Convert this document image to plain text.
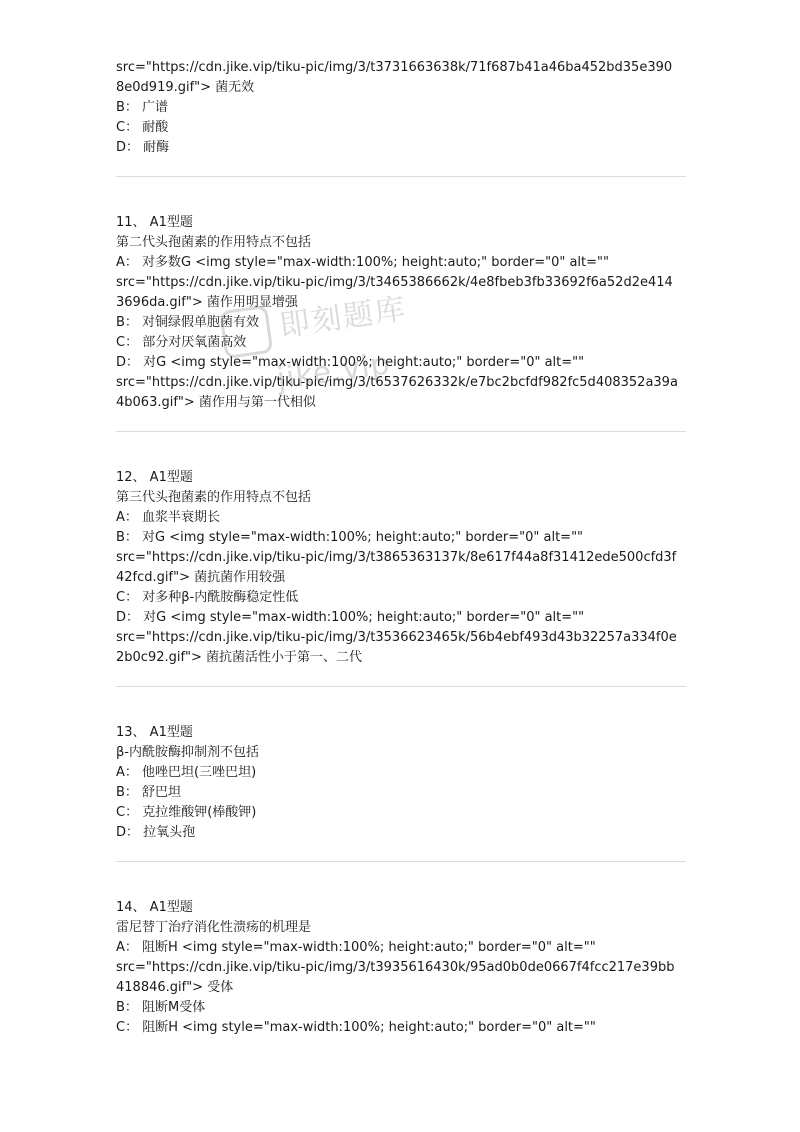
src="https://cdn.jike.vip/tiku-pic/img/3/t3731663638k/71f687b41a46ba452bd35e390
8e0d919.gif"> 菌无效
B： 广谱
C： 耐酸
D： 耐酶
11、 A1型题
第二代头孢菌素的作用特点不包括
A： 对多数G <img style="max-width:100%; height:auto;" border="0" alt=""
src="https://cdn.jike.vip/tiku-pic/img/3/t3465386662k/4e8fbeb3fb33692f6a52d2e414
3696da.gif"> 菌作用明显增强
B： 对铜绿假单胞菌有效
C： 部分对厌氧菌高效
D： 对G <img style="max-width:100%; height:auto;" border="0" alt=""
src="https://cdn.jike.vip/tiku-pic/img/3/t6537626332k/e7bc2bcfdf982fc5d408352a39a
4b063.gif"> 菌作用与第一代相似
12、 A1型题
第三代头孢菌素的作用特点不包括
A： 血浆半衰期长
B： 对G <img style="max-width:100%; height:auto;" border="0" alt=""
src="https://cdn.jike.vip/tiku-pic/img/3/t3865363137k/8e617f44a8f31412ede500cfd3f
42fcd.gif"> 菌抗菌作用较强
C： 对多种β-内酰胺酶稳定性低
D： 对G <img style="max-width:100%; height:auto;" border="0" alt=""
src="https://cdn.jike.vip/tiku-pic/img/3/t3536623465k/56b4ebf493d43b32257a334f0e
2b0c92.gif"> 菌抗菌活性小于第一、二代
13、 A1型题
β-内酰胺酶抑制剂不包括
A： 他唑巴坦(三唑巴坦)
B： 舒巴坦
C： 克拉维酸钾(棒酸钾)
D： 拉氧头孢
14、 A1型题
雷尼替丁治疗消化性溃疡的机理是
A： 阻断H <img style="max-width:100%; height:auto;" border="0" alt=""
src="https://cdn.jike.vip/tiku-pic/img/3/t3935616430k/95ad0b0de0667f4fcc217e39bb
418846.gif"> 受体
B： 阻断M受体
C： 阻断H <img style="max-width:100%; height:auto;" border="0" alt=""
即刻题库
jike.vip
